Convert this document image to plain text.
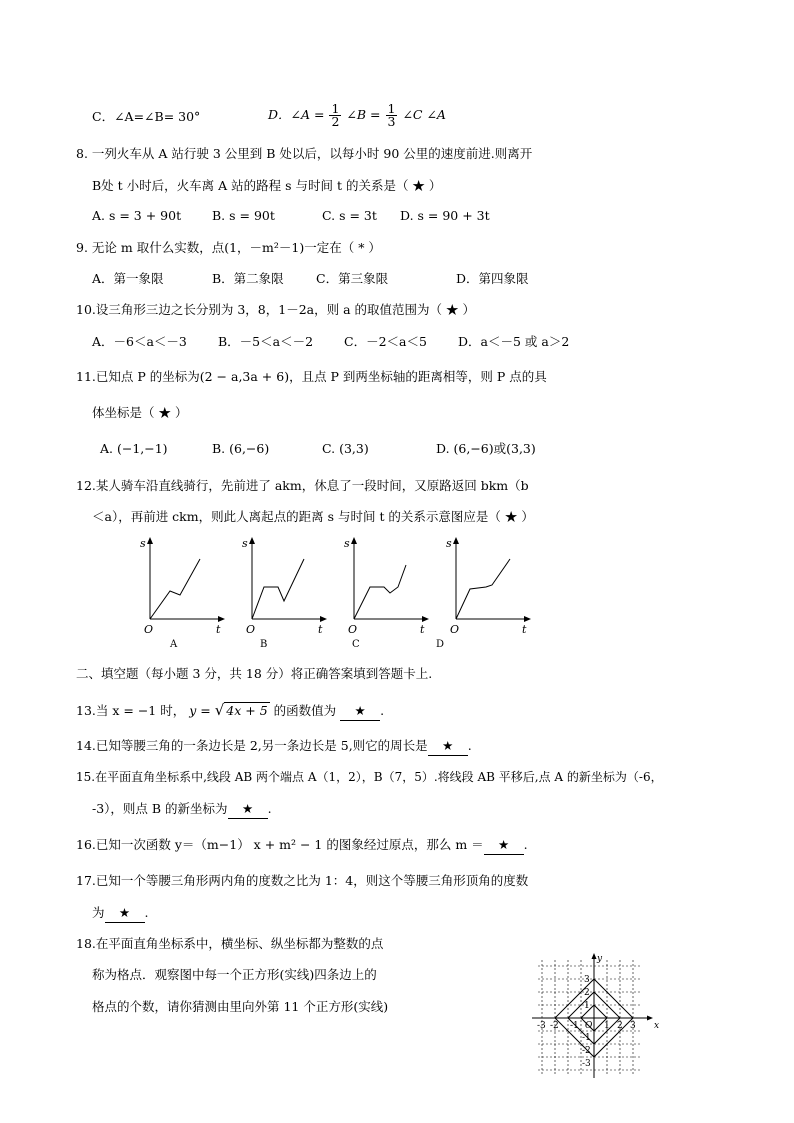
C．∠A=∠B= 30°	D．∠A = $\frac{1}{2}$ ∠B = $\frac{1}{3}$ ∠C ∠A
8. 一列火车从 A 站行驶 3 公里到 B 处以后，以每小时 90 公里的速度前进.则离开
B处 t 小时后，火车离 A 站的路程 s 与时间 t 的关系是（ ★ ）
A. s = 3 + 90t B. s = 90t	C. s = 3t D. s = 90 + 3t
9. 无论 m 取什么实数，点(1，－m²－1)一定在（ * ）
A．第一象限	B．第二象限	C．第三象限	D．第四象限
10.设三角形三边之长分别为 3，8，1－2a，则 a 的取值范围为（ ★ ）
A．－6＜a＜－3 B．－5＜a＜－2 C．－2＜a＜5 D．a＜－5 或 a＞2
11.已知点 P 的坐标为(2 − a,3a + 6)，且点 P 到两坐标轴的距离相等，则 P 点的具
体坐标是（ ★ ）
A. (−1,−1)	B. (6,−6)	C. (3,3)	D. (6,−6)或(3,3)
12.某人骑车沿直线骑行，先前进了 akm，休息了一段时间，又原路返回 bkm（b
＜a），再前进 ckm，则此人离起点的距离 s 与时间 t 的关系示意图应是（ ★ ）
s
t
O
A
s
t
O
B
s
t
O
C
s
t
O
D
二、填空题（每小题 3 分，共 18 分）将正确答案填到答题卡上.
13.当 x = −1 时， y = √ 4x + 5 的函数值为 ★ .
14.已知等腰三角的一条边长是 2,另一条边长是 5,则它的周长是 ★ .
15.在平面直角坐标系中,线段 AB 两个端点 A（1，2），B（7，5）.将线段 AB 平移后,点 A 的新坐标为（-6，
-3），则点 B 的新坐标为 ★ .
16.已知一次函数 y＝（m−1） x + m² − 1 的图象经过原点，那么 m ＝ ★ .
17.已知一个等腰三角形两内角的度数之比为 1：4，则这个等腰三角形顶角的度数
为 ★ .
18.在平面直角坐标系中，横坐标、纵坐标都为整数的点
称为格点．观察图中每一个正方形(实线)四条边上的
格点的个数，请你猜测由里向外第 11 个正方形(实线)
x
y
-3 -2 -1 O 1 2 3
3
2
1
-1
-2
-3
